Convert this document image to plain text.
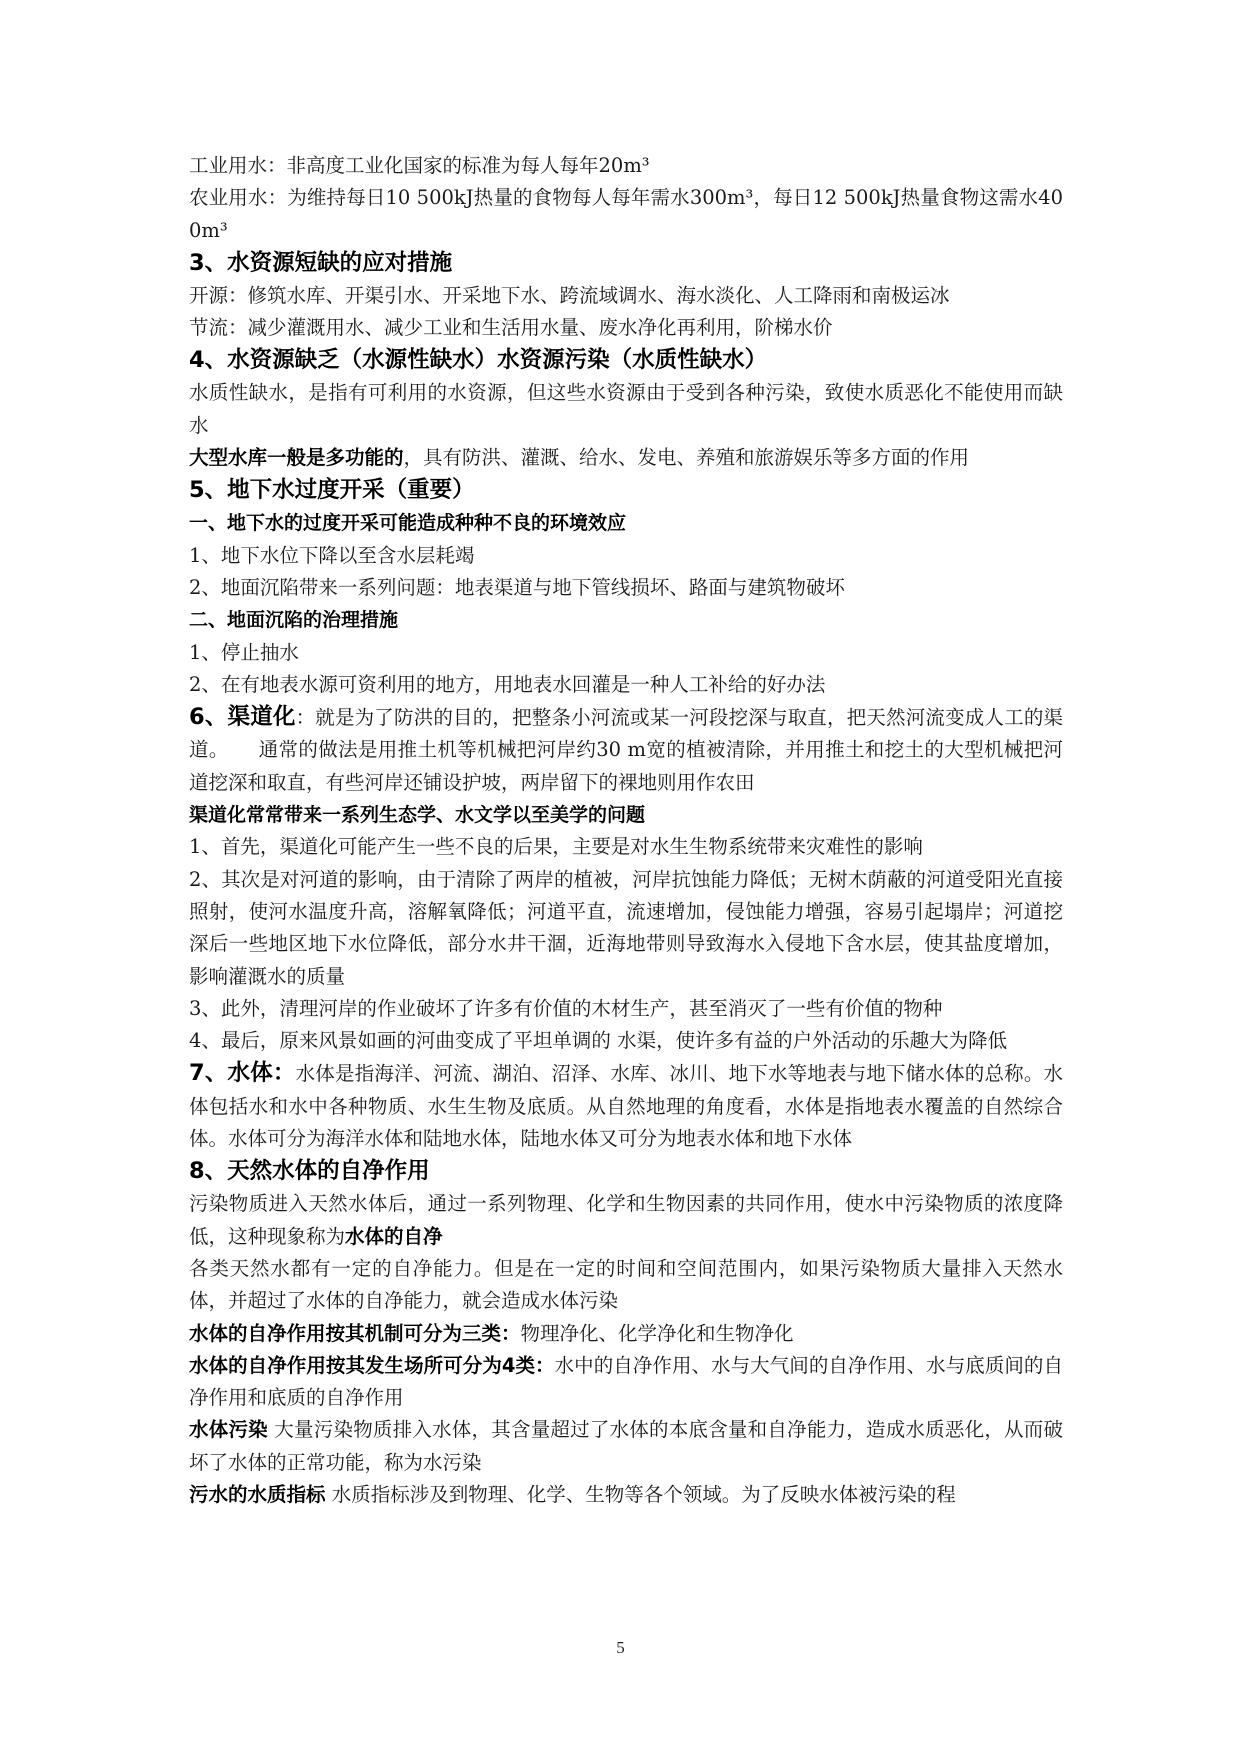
工业用水：非高度工业化国家的标准为每人每年20m³

农业用水：为维持每日10 500kJ热量的食物每人每年需水300m³，每日12 500kJ热量食物这需水400m³

3、水资源短缺的应对措施

开源：修筑水库、开渠引水、开采地下水、跨流域调水、海水淡化、人工降雨和南极运冰

节流：减少灌溉用水、减少工业和生活用水量、废水净化再利用，阶梯水价

4、水资源缺乏（水源性缺水）水资源污染（水质性缺水）

水质性缺水，是指有可利用的水资源，但这些水资源由于受到各种污染，致使水质恶化不能使用而缺水

大型水库一般是多功能的，具有防洪、灌溉、给水、发电、养殖和旅游娱乐等多方面的作用

5、地下水过度开采（重要）

一、地下水的过度开采可能造成种种不良的环境效应

1、地下水位下降以至含水层耗竭

2、地面沉陷带来一系列问题：地表渠道与地下管线损坏、路面与建筑物破坏

二、地面沉陷的治理措施

1、停止抽水

2、在有地表水源可资利用的地方，用地表水回灌是一种人工补给的好办法

6、渠道化：就是为了防洪的目的，把整条小河流或某一河段挖深与取直，把天然河流变成人工的渠道。　　通常的做法是用推土机等机械把河岸约30 m宽的植被清除，并用推土和挖土的大型机械把河道挖深和取直，有些河岸还铺设护坡，两岸留下的裸地则用作农田

渠道化常常带来一系列生态学、水文学以至美学的问题

1、首先，渠道化可能产生一些不良的后果，主要是对水生生物系统带来灾难性的影响

2、其次是对河道的影响，由于清除了两岸的植被，河岸抗蚀能力降低；无树木荫蔽的河道受阳光直接照射，使河水温度升高，溶解氧降低；河道平直，流速增加，侵蚀能力增强，容易引起塌岸；河道挖深后一些地区地下水位降低，部分水井干涸，近海地带则导致海水入侵地下含水层，使其盐度增加，影响灌溉水的质量

3、此外，清理河岸的作业破坏了许多有价值的木材生产，甚至消灭了一些有价值的物种

4、最后，原来风景如画的河曲变成了平坦单调的 水渠，使许多有益的户外活动的乐趣大为降低

7、水体：水体是指海洋、河流、湖泊、沼泽、水库、冰川、地下水等地表与地下储水体的总称。水体包括水和水中各种物质、水生生物及底质。从自然地理的角度看，水体是指地表水覆盖的自然综合体。水体可分为海洋水体和陆地水体，陆地水体又可分为地表水体和地下水体

8、天然水体的自净作用

污染物质进入天然水体后，通过一系列物理、化学和生物因素的共同作用，使水中污染物质的浓度降低，这种现象称为水体的自净

各类天然水都有一定的自净能力。但是在一定的时间和空间范围内，如果污染物质大量排入天然水体，并超过了水体的自净能力，就会造成水体污染

水体的自净作用按其机制可分为三类：物理净化、化学净化和生物净化

水体的自净作用按其发生场所可分为4类：水中的自净作用、水与大气间的自净作用、水与底质间的自净作用和底质的自净作用

水体污染 大量污染物质排入水体，其含量超过了水体的本底含量和自净能力，造成水质恶化，从而破坏了水体的正常功能，称为水污染

污水的水质指标 水质指标涉及到物理、化学、生物等各个领域。为了反映水体被污染的程

5
